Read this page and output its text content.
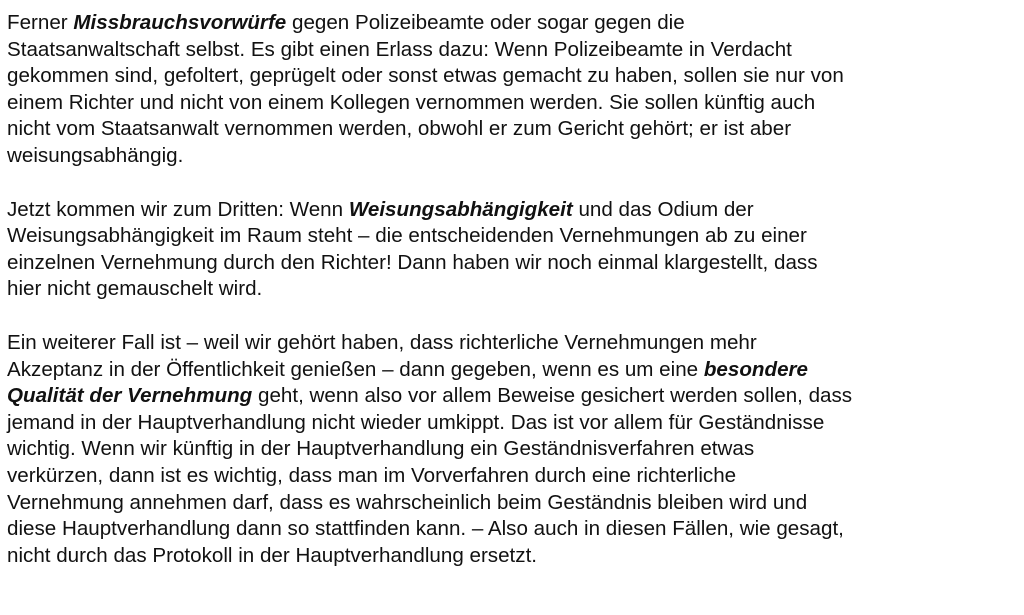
Ferner Missbrauchsvorwürfe gegen Polizeibeamte oder sogar gegen die
Staatsanwaltschaft selbst. Es gibt einen Erlass dazu: Wenn Polizeibeamte in Verdacht
gekommen sind, gefoltert, geprügelt oder sonst etwas gemacht zu haben, sollen sie nur von
einem Richter und nicht von einem Kollegen vernommen werden. Sie sollen künftig auch
nicht vom Staatsanwalt vernommen werden, obwohl er zum Gericht gehört; er ist aber
weisungsabhängig.
Jetzt kommen wir zum Dritten: Wenn Weisungsabhängigkeit und das Odium der
Weisungsabhängigkeit im Raum steht – die entscheidenden Vernehmungen ab zu einer
einzelnen Vernehmung durch den Richter! Dann haben wir noch einmal klargestellt, dass
hier nicht gemauschelt wird.
Ein weiterer Fall ist – weil wir gehört haben, dass richterliche Vernehmungen mehr
Akzeptanz in der Öffentlichkeit genießen – dann gegeben, wenn es um eine besondere
Qualität der Vernehmung geht, wenn also vor allem Beweise gesichert werden sollen, dass
jemand in der Hauptverhandlung nicht wieder umkippt. Das ist vor allem für Geständnisse
wichtig. Wenn wir künftig in der Hauptverhandlung ein Geständnisverfahren etwas
verkürzen, dann ist es wichtig, dass man im Vorverfahren durch eine richterliche
Vernehmung annehmen darf, dass es wahrscheinlich beim Geständnis bleiben wird und
diese Hauptverhandlung dann so stattfinden kann. – Also auch in diesen Fällen, wie gesagt,
nicht durch das Protokoll in der Hauptverhandlung ersetzt.
